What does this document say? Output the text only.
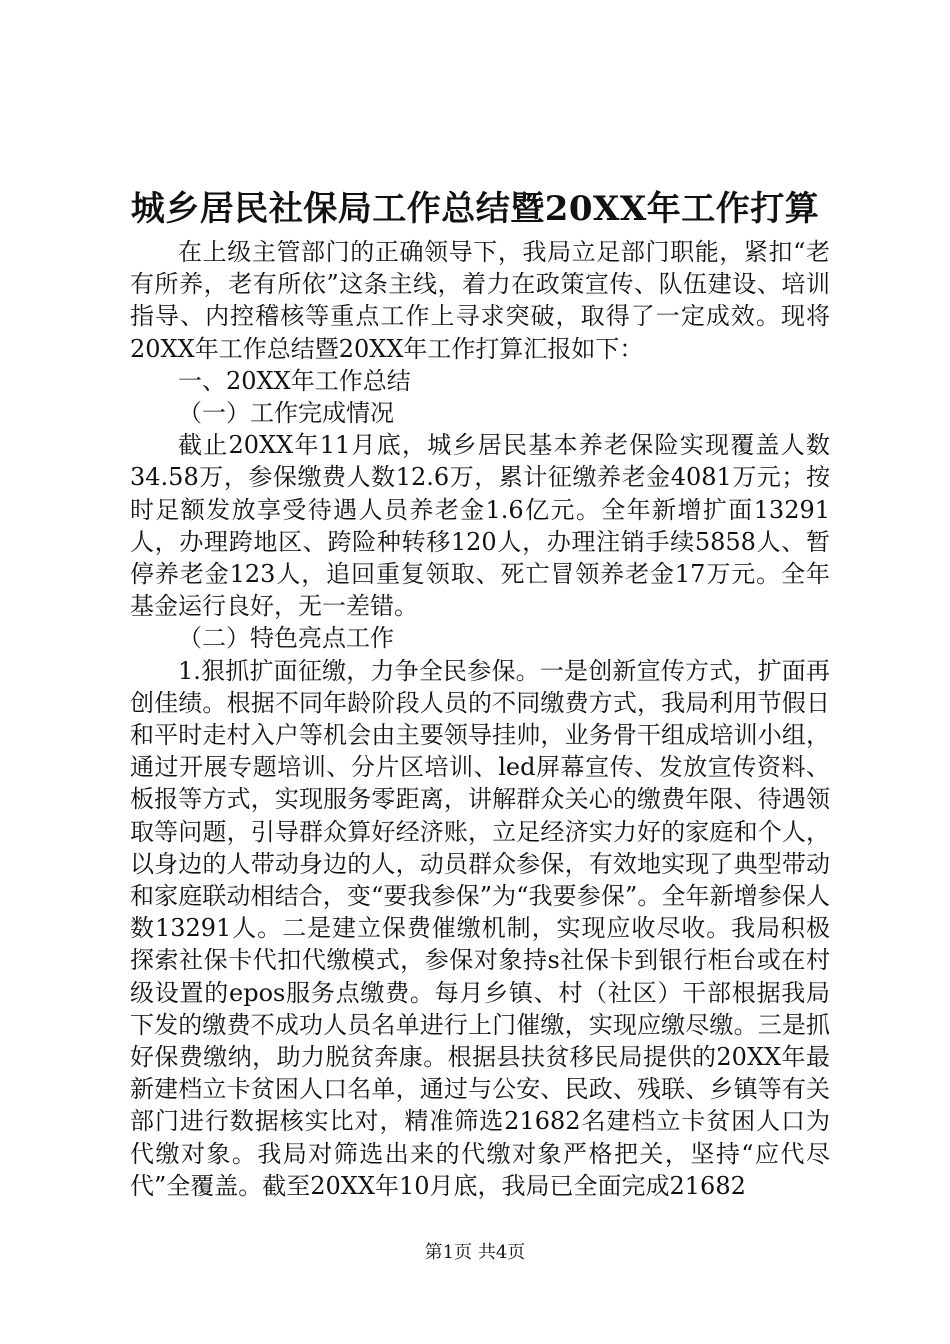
城乡居民社保局工作总结暨20XX年工作打算

在上级主管部门的正确领导下，我局立足部门职能，紧扣“老有所养，老有所依”这条主线，着力在政策宣传、队伍建设、培训指导、内控稽核等重点工作上寻求突破，取得了一定成效。现将20XX年工作总结暨20XX年工作打算汇报如下：

一、20XX年工作总结

（一）工作完成情况

截止20XX年11月底，城乡居民基本养老保险实现覆盖人数34.58万，参保缴费人数12.6万，累计征缴养老金4081万元；按时足额发放享受待遇人员养老金1.6亿元。全年新增扩面13291人，办理跨地区、跨险种转移120人，办理注销手续5858人、暂停养老金123人，追回重复领取、死亡冒领养老金17万元。全年基金运行良好，无一差错。

（二）特色亮点工作

1.狠抓扩面征缴，力争全民参保。一是创新宣传方式，扩面再创佳绩。根据不同年龄阶段人员的不同缴费方式，我局利用节假日和平时走村入户等机会由主要领导挂帅，业务骨干组成培训小组，通过开展专题培训、分片区培训、led屏幕宣传、发放宣传资料、板报等方式，实现服务零距离，讲解群众关心的缴费年限、待遇领取等问题，引导群众算好经济账，立足经济实力好的家庭和个人，以身边的人带动身边的人，动员群众参保，有效地实现了典型带动和家庭联动相结合，变“要我参保”为“我要参保”。全年新增参保人数13291人。二是建立保费催缴机制，实现应收尽收。我局积极探索社保卡代扣代缴模式，参保对象持s社保卡到银行柜台或在村级设置的epos服务点缴费。每月乡镇、村（社区）干部根据我局下发的缴费不成功人员名单进行上门催缴，实现应缴尽缴。三是抓好保费缴纳，助力脱贫奔康。根据县扶贫移民局提供的20XX年最新建档立卡贫困人口名单，通过与公安、民政、残联、乡镇等有关部门进行数据核实比对，精准筛选21682名建档立卡贫困人口为代缴对象。我局对筛选出来的代缴对象严格把关，坚持“应代尽代”全覆盖。截至20XX年10月底，我局已全面完成21682

第1页 共4页
